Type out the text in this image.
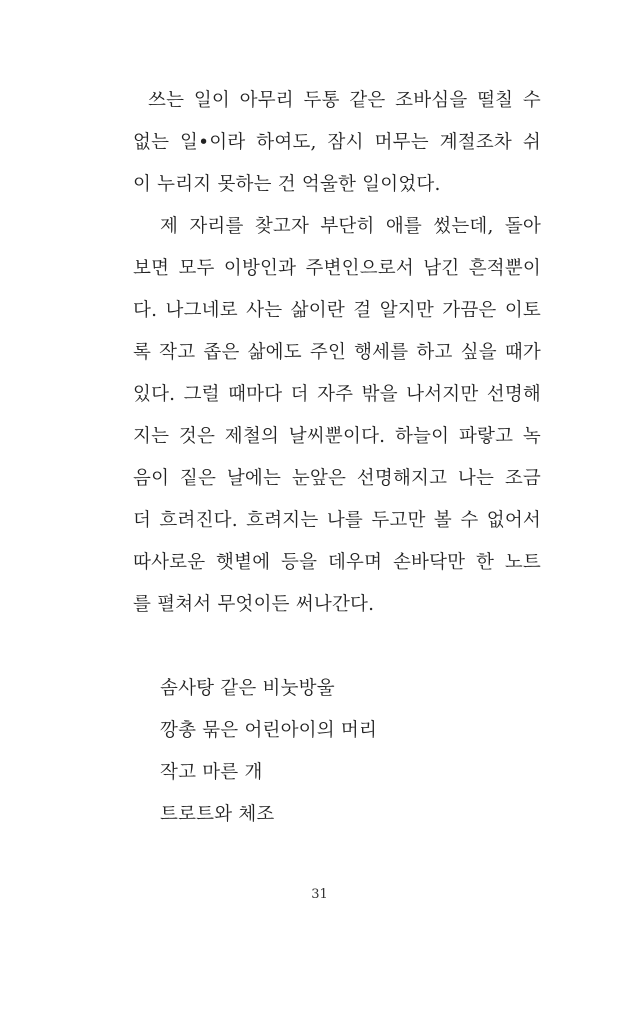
쓰는 일이 아무리 두통 같은 조바심을 떨칠 수
없는 일•이라 하여도, 잠시 머무는 계절조차 쉬
이 누리지 못하는 건 억울한 일이었다.
제 자리를 찾고자 부단히 애를 썼는데, 돌아
보면 모두 이방인과 주변인으로서 남긴 흔적뿐이
다. 나그네로 사는 삶이란 걸 알지만 가끔은 이토
록 작고 좁은 삶에도 주인 행세를 하고 싶을 때가
있다. 그럴 때마다 더 자주 밖을 나서지만 선명해
지는 것은 제철의 날씨뿐이다. 하늘이 파랗고 녹
음이 짙은 날에는 눈앞은 선명해지고 나는 조금
더 흐려진다. 흐려지는 나를 두고만 볼 수 없어서
따사로운 햇볕에 등을 데우며 손바닥만 한 노트
를 펼쳐서 무엇이든 써나간다.
솜사탕 같은 비눗방울
깡총 묶은 어린아이의 머리
작고 마른 개
트로트와 체조
31
